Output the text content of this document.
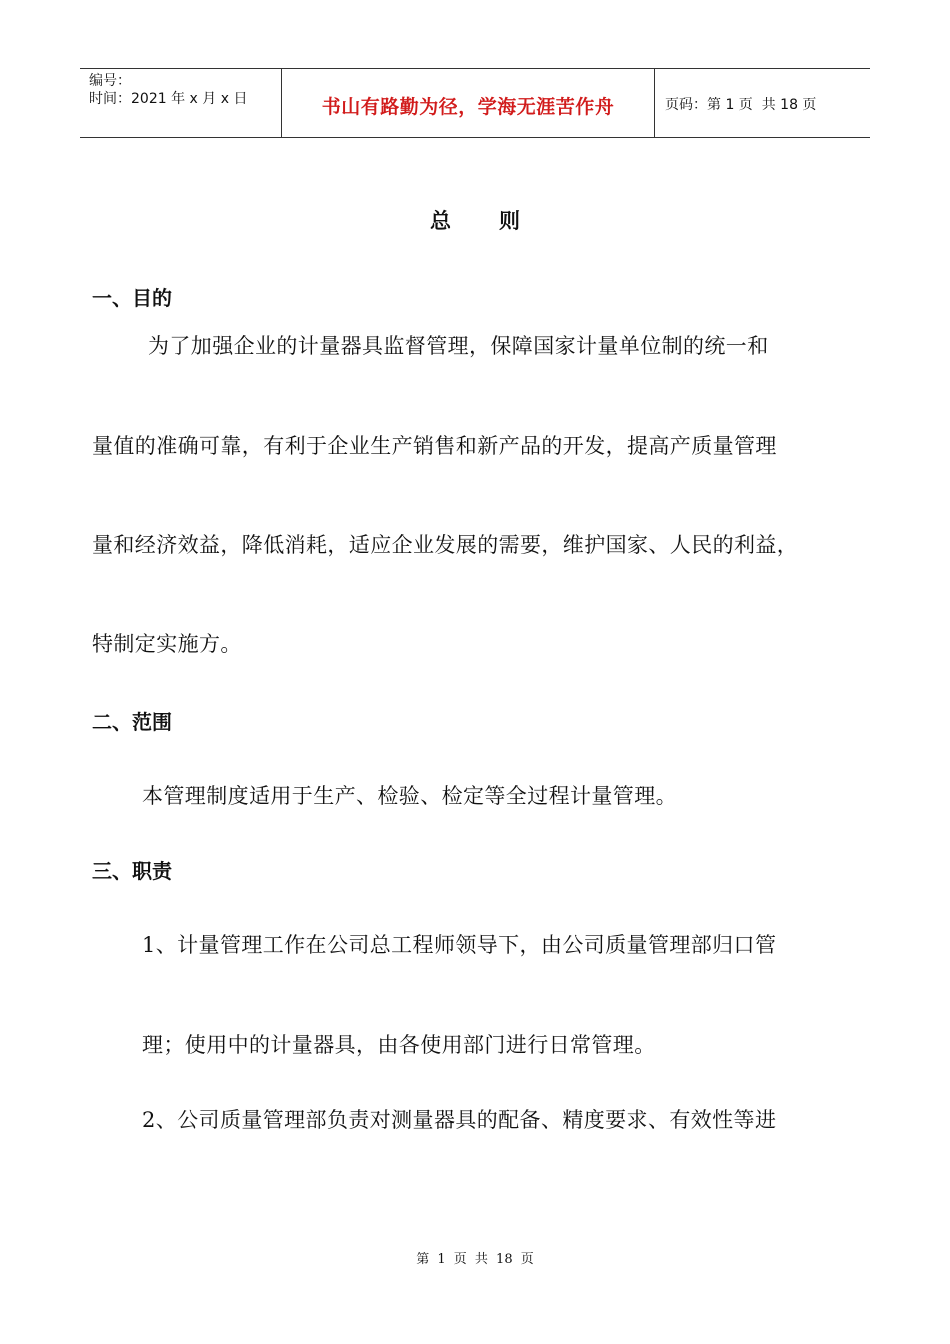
编号：
时间：2021 年 x 月 x 日	书山有路勤为径，学海无涯苦作舟	页码：第 1 页  共 18 页
总则
一、目的
为了加强企业的计量器具监督管理，保障国家计量单位制的统一和
量值的准确可靠，有利于企业生产销售和新产品的开发，提高产质量管理
量和经济效益，降低消耗，适应企业发展的需要，维护国家、人民的利益，
特制定实施方。
二、范围
本管理制度适用于生产、检验、检定等全过程计量管理。
三、职责
1、计量管理工作在公司总工程师领导下，由公司质量管理部归口管
理；使用中的计量器具，由各使用部门进行日常管理。
2、公司质量管理部负责对测量器具的配备、精度要求、有效性等进
第 1 页 共 18 页
